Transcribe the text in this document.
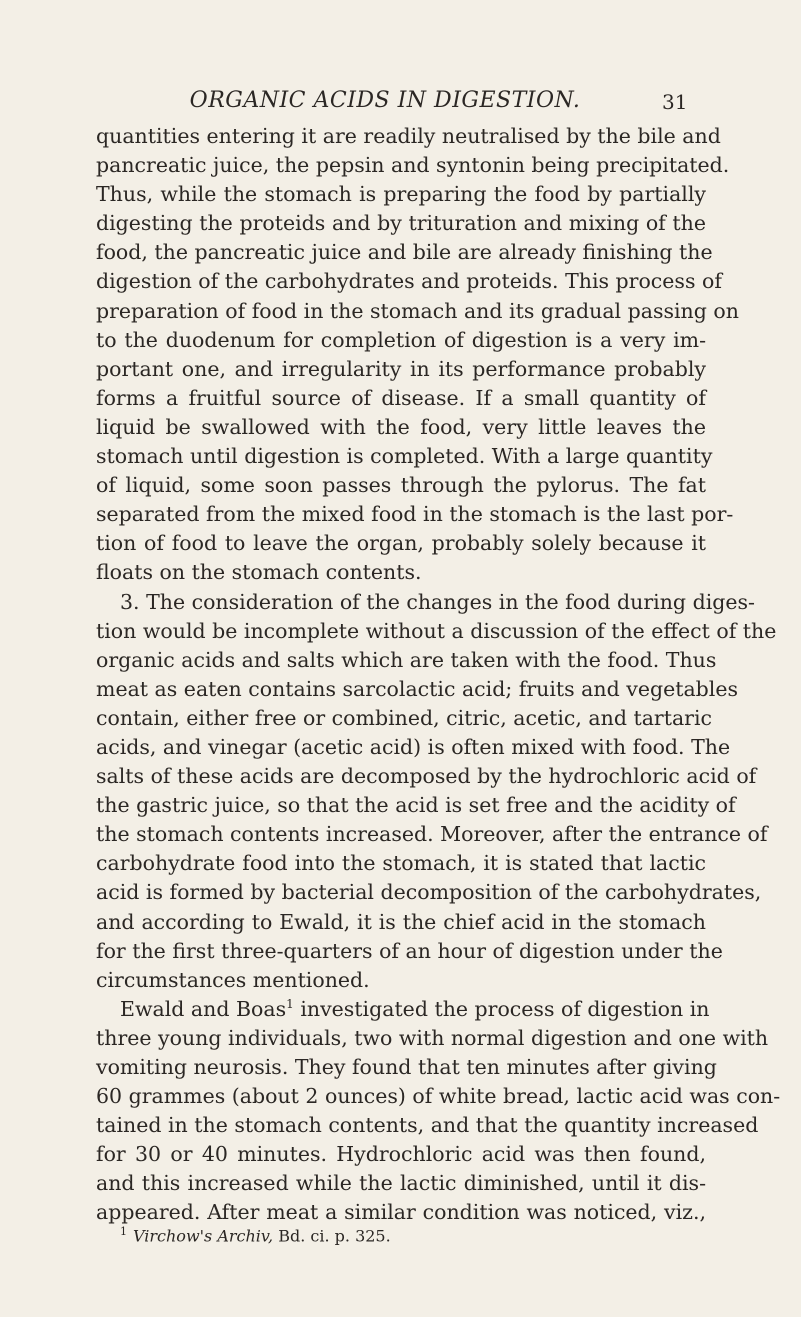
ORGANIC ACIDS IN DIGESTION.	31
quantities entering it are readily neutralised by the bile and
pancreatic juice, the pepsin and syntonin being precipitated.
Thus, while the stomach is preparing the food by partially
digesting the proteids and by trituration and mixing of the
food, the pancreatic juice and bile are already finishing the
digestion of the carbohydrates and proteids. This process of
preparation of food in the stomach and its gradual passing on
to the duodenum for completion of digestion is a very im-
portant one, and irregularity in its performance probably
forms a fruitful source of disease. If a small quantity of
liquid be swallowed with the food, very little leaves the
stomach until digestion is completed. With a large quantity
of liquid, some soon passes through the pylorus. The fat
separated from the mixed food in the stomach is the last por-
tion of food to leave the organ, probably solely because it
floats on the stomach contents.
3. The consideration of the changes in the food during diges-
tion would be incomplete without a discussion of the effect of the
organic acids and salts which are taken with the food. Thus
meat as eaten contains sarcolactic acid; fruits and vegetables
contain, either free or combined, citric, acetic, and tartaric
acids, and vinegar (acetic acid) is often mixed with food. The
salts of these acids are decomposed by the hydrochloric acid of
the gastric juice, so that the acid is set free and the acidity of
the stomach contents increased. Moreover, after the entrance of
carbohydrate food into the stomach, it is stated that lactic
acid is formed by bacterial decomposition of the carbohydrates,
and according to Ewald, it is the chief acid in the stomach
for the first three-quarters of an hour of digestion under the
circumstances mentioned.
Ewald and Boas$^1$ investigated the process of digestion in
three young individuals, two with normal digestion and one with
vomiting neurosis. They found that ten minutes after giving
60 grammes (about 2 ounces) of white bread, lactic acid was con-
tained in the stomach contents, and that the quantity increased
for 30 or 40 minutes. Hydrochloric acid was then found,
and this increased while the lactic diminished, until it dis-
appeared. After meat a similar condition was noticed, viz.,
$^1$ Virchow's Archiv, Bd. ci. p. 325.
